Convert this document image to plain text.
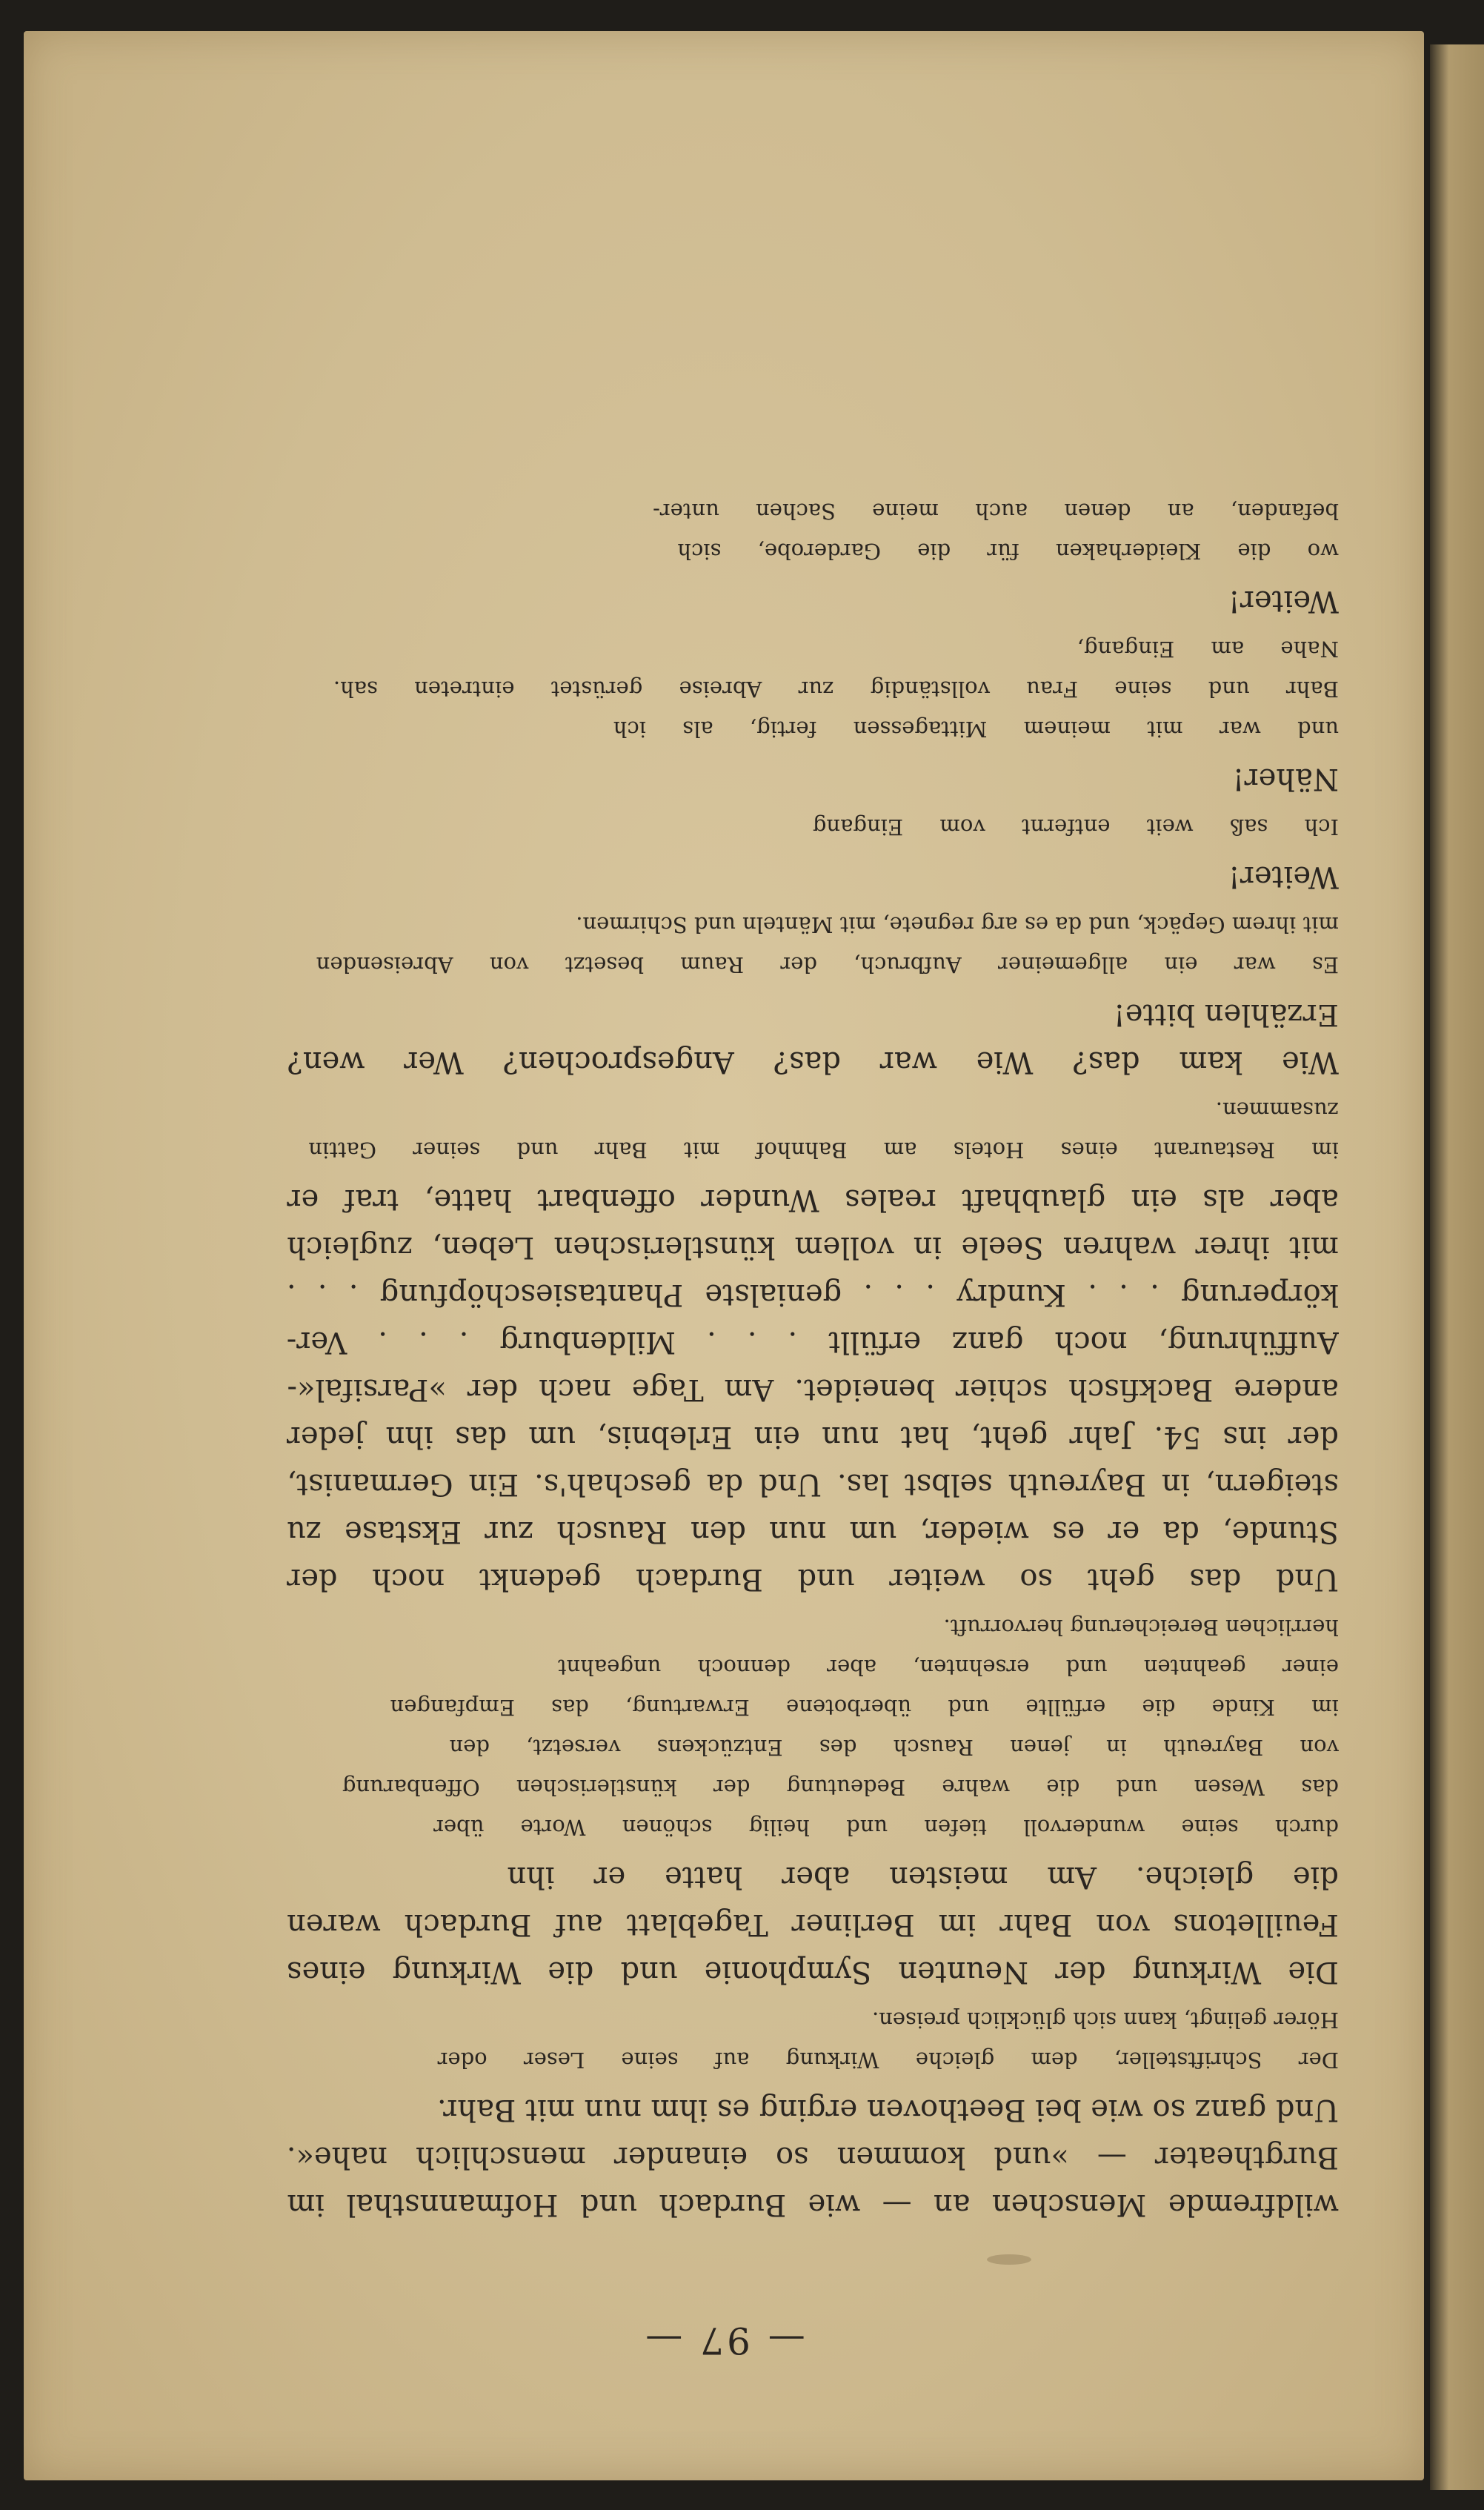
— 97 —
wildfremde Menschen an — wie Burdach und Hofmannsthal im
Burgtheater — »und kommen so einander menschlich nahe«.
Und ganz so wie bei Beethoven erging es ihm nun mit Bahr.
Der Schriftsteller, dem gleiche Wirkung auf seine Leser oder
Hörer gelingt, kann sich glücklich preisen.
Die Wirkung der Neunten Symphonie und die Wirkung eines
Feuilletons von Bahr im Berliner Tageblatt auf Burdach waren
die gleiche. Am meisten aber hatte er ihn
durch seine wundervoll tiefen und heilig schönen Worte über
das Wesen und die wahre Bedeutung der künstlerischen Offenbarung
von Bayreuth in jenen Rausch des Entzückens versetzt, den
im Kinde die erfüllte und überbotene Erwartung, das Empfangen
einer geahnten und ersehnten, aber dennoch ungeahnt
herrlichen Bereicherung hervorruft.
Und das geht so weiter und Burdach gedenkt noch der
Stunde, da er es wieder, um nun den Rausch zur Ekstase zu
steigern, in Bayreuth selbst las. Und da geschah's. Ein Germanist,
der ins 54. Jahr geht, hat nun ein Erlebnis, um das ihn jeder
andere Backfisch schier beneidet. Am Tage nach der »Parsifal«-
Aufführung, noch ganz erfüllt . . . Mildenburg . . . Ver-
körperung . . . Kundry . . . genialste Phantasieschöpfung . . .
mit ihrer wahren Seele in vollem künstlerischen Leben, zugleich
aber als ein glaubhaft reales Wunder offenbart hatte, traf er
im Restaurant eines Hotels am Bahnhof mit Bahr und seiner Gattin
zusammen.
Wie kam das? Wie war das? Angesprochen? Wer wen?
Erzählen bitte!
Es war ein allgemeiner Aufbruch, der Raum besetzt von Abreisenden
mit ihrem Gepäck, und da es arg regnete, mit Mänteln und Schirmen.
Weiter!
Ich saß weit entfernt vom Eingang
Näher!
und war mit meinem Mittagessen fertig, als ich
Bahr und seine Frau vollständig zur Abreise gerüstet eintreten sah.
Nahe am Eingang,
Weiter!
wo die Kleiderhaken für die Garderobe, sich
befanden, an denen auch meine Sachen unter-
